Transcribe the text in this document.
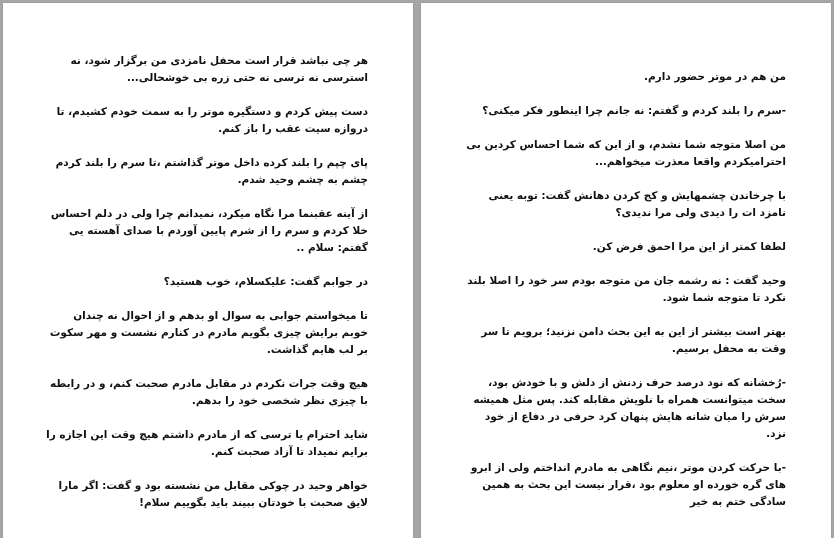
هر چی نباشد قرار است محفل نامزدی من برگزار شود، نه استرسی نه ترسی نه حتی زره بی خوشحالی...

دست پیش کردم و دستگیره موتر را به سمت خودم کشیدم، تا دروازه سیت عقب را باز کنم.

پای چپم را بلند کرده داخل موتر گذاشتم ،تا سرم را بلند کردم چشم به چشم وحید شدم.

از آینه عقبنما مرا نگاه میکرد، نمیدانم چرا ولی در دلم احساس خلا کردم و سرم را از شرم پایین آوردم با صدای آهسته یی گفتم: سلام ..

در جوابم گفت: علیکسلام، خوب هستید؟

تا میخواستم جوابی به سوال او بدهم و از احوال نه چندان خوبم برایش چیزی بگویم مادرم در کنارم نشست و مهر سکوت بر لب هایم گذاشت.

هیچ وقت جرات نکردم در مقابل مادرم صحبت کنم، و در رابطه با چیزی نظر شخصی خود را بدهم.

شاید احترام یا ترسی که از مادرم داشتم هیچ وقت این اجازه را برایم نمیداد تا آزاد صحبت کنم.

خواهر وحید در چوکی مقابل من نشسته بود و گفت: اگر مارا لایق صحبت با خودتان ببیند باید بگوییم سلام!

من هم در موتر حضور دارم.

-سرم را بلند کردم و گفتم: نه جانم چرا اینطور فکر میکنی؟

من اصلا متوجه شما نشدم، و از این که شما احساس کردین بی احترامیکردم واقعا معذرت میخواهم...

با چرخاندن چشمهایش و کج کردن دهانش گفت: توبه یعنی نامزد ات را دیدی ولی مرا ندیدی؟

لطفا کمتر از این مرا احمق فرض کن.

وحید گفت : نه رشمه جان من متوجه بودم سر خود را اصلا بلند نکرد تا متوجه شما شود.

بهتر است بیشتر از این به این بحث دامن نزنید؛ برویم تا سر وقت به محفل برسیم.

-رُخشانه که نود درصد حرف زدنش از دلش و با خودش بود، سخت میتوانست همراه با نلویش مقابله کند. پس مثل همیشه سرش را میان شانه هایش پنهان کرد حرفی در دفاع از خود نزد.

-با حرکت کردن موتر ،نیم نگاهی به مادرم انداختم ولی از ابرو های گره خورده او معلوم بود ،قرار نیست این بحث به همین سادگی ختم به خیر
